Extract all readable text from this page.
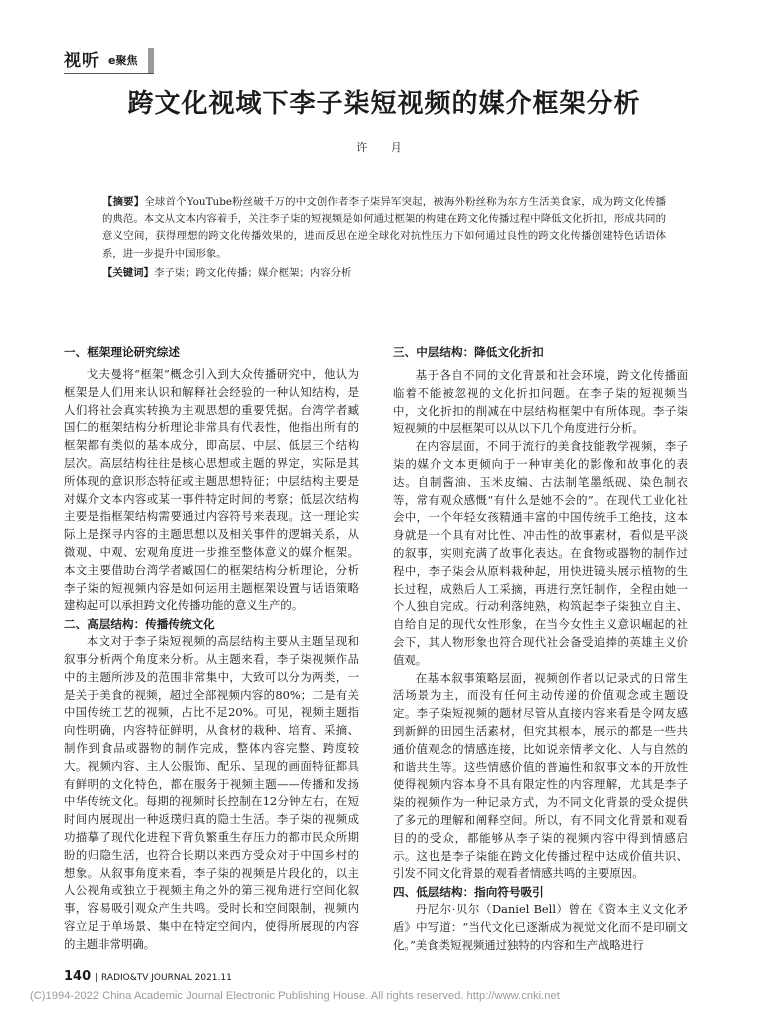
视听 e聚焦
跨文化视域下李子柒短视频的媒介框架分析
许 月
【摘要】全球首个YouTube粉丝破千万的中文创作者李子柒异军突起，被海外粉丝称为东方生活美食家，成为跨文化传播的典范。本文从文本内容着手，关注李子柒的短视频是如何通过框架的构建在跨文化传播过程中降低文化折扣，形成共同的意义空间，获得理想的跨文化传播效果的，进而反思在逆全球化对抗性压力下如何通过良性的跨文化传播创建特色话语体系，进一步提升中国形象。
【关键词】李子柒；跨文化传播；媒介框架；内容分析
一、框架理论研究综述

戈夫曼将“框架”概念引入到大众传播研究中，他认为框架是人们用来认识和解释社会经验的一种认知结构，是人们将社会真实转换为主观思想的重要凭据。台湾学者臧国仁的框架结构分析理论非常具有代表性，他指出所有的框架都有类似的基本成分，即高层、中层、低层三个结构层次。高层结构往往是核心思想或主题的界定，实际是其所体现的意识形态特征或主题思想特征；中层结构主要是对媒介文本内容或某一事件特定时间的考察；低层次结构主要是指框架结构需要通过内容符号来表现。这一理论实际上是探寻内容的主题思想以及相关事件的逻辑关系，从微观、中观、宏观角度进一步推至整体意义的媒介框架。本文主要借助台湾学者臧国仁的框架结构分析理论，分析李子柒的短视频内容是如何运用主题框架设置与话语策略建构起可以承担跨文化传播功能的意义生产的。

二、高层结构：传播传统文化

本文对于李子柒短视频的高层结构主要从主题呈现和叙事分析两个角度来分析。从主题来看，李子柒视频作品中的主题所涉及的范围非常集中，大致可以分为两类，一是关于美食的视频，超过全部视频内容的80%；二是有关中国传统工艺的视频，占比不足20%。可见，视频主题指向性明确，内容特征鲜明，从食材的栽种、培育、采摘、制作到食品或器物的制作完成，整体内容完整、跨度较大。视频内容、主人公服饰、配乐、呈现的画面特征都具有鲜明的文化特色，都在服务于视频主题——传播和发扬中华传统文化。每期的视频时长控制在12分钟左右，在短时间内展现出一种返璞归真的隐士生活。李子柒的视频成功描摹了现代化进程下背负繁重生存压力的都市民众所期盼的归隐生活，也符合长期以来西方受众对于中国乡村的想象。从叙事角度来看，李子柒的视频是片段化的，以主人公视角或独立于视频主角之外的第三视角进行空间化叙事，容易吸引观众产生共鸣。受时长和空间限制，视频内容立足于单场景、集中在特定空间内，使得所展现的内容的主题非常明确。

三、中层结构：降低文化折扣

基于各自不同的文化背景和社会环境，跨文化传播面临着不能被忽视的文化折扣问题。在李子柒的短视频当中，文化折扣的削减在中层结构框架中有所体现。李子柒短视频的中层框架可以从以下几个角度进行分析。

在内容层面，不同于流行的美食技能教学视频，李子柒的媒介文本更倾向于一种审美化的影像和故事化的表达。自制酱油、玉米皮编、古法制笔墨纸砚、染色制衣等，常有观众感慨“有什么是她不会的”。在现代工业化社会中，一个年轻女孩精通丰富的中国传统手工绝技，这本身就是一个具有对比性、冲击性的故事素材，看似是平淡的叙事，实则充满了故事化表达。在食物或器物的制作过程中，李子柒会从原料栽种起，用快进镜头展示植物的生长过程，成熟后人工采摘，再进行烹饪制作，全程由她一个人独自完成。行动利落纯熟，构筑起李子柒独立自主、自给自足的现代女性形象，在当今女性主义意识崛起的社会下，其人物形象也符合现代社会备受追捧的英雄主义价值观。

在基本叙事策略层面，视频创作者以记录式的日常生活场景为主，而没有任何主动传递的价值观念或主题设定。李子柒短视频的题材尽管从直接内容来看是令网友感到新鲜的田园生活素材，但究其根本，展示的都是一些共通价值观念的情感连接，比如说亲情孝文化、人与自然的和谐共生等。这些情感价值的普遍性和叙事文本的开放性使得视频内容本身不具有限定性的内容理解，尤其是李子柒的视频作为一种记录方式，为不同文化背景的受众提供了多元的理解和阐释空间。所以，有不同文化背景和观看目的的受众，都能够从李子柒的视频内容中得到情感启示。这也是李子柒能在跨文化传播过程中达成价值共识、引发不同文化背景的观看者情感共鸣的主要原因。

四、低层结构：指向符号吸引

丹尼尔·贝尔（Daniel Bell）曾在《资本主义文化矛盾》中写道：“当代文化已逐渐成为视觉文化而不是印刷文化。”美食类短视频通过独特的内容和生产战略进行

140 | RADIO&TV JOURNAL 2021.11
(C)1994-2022 China Academic Journal Electronic Publishing House. All rights reserved. http://www.cnki.net
